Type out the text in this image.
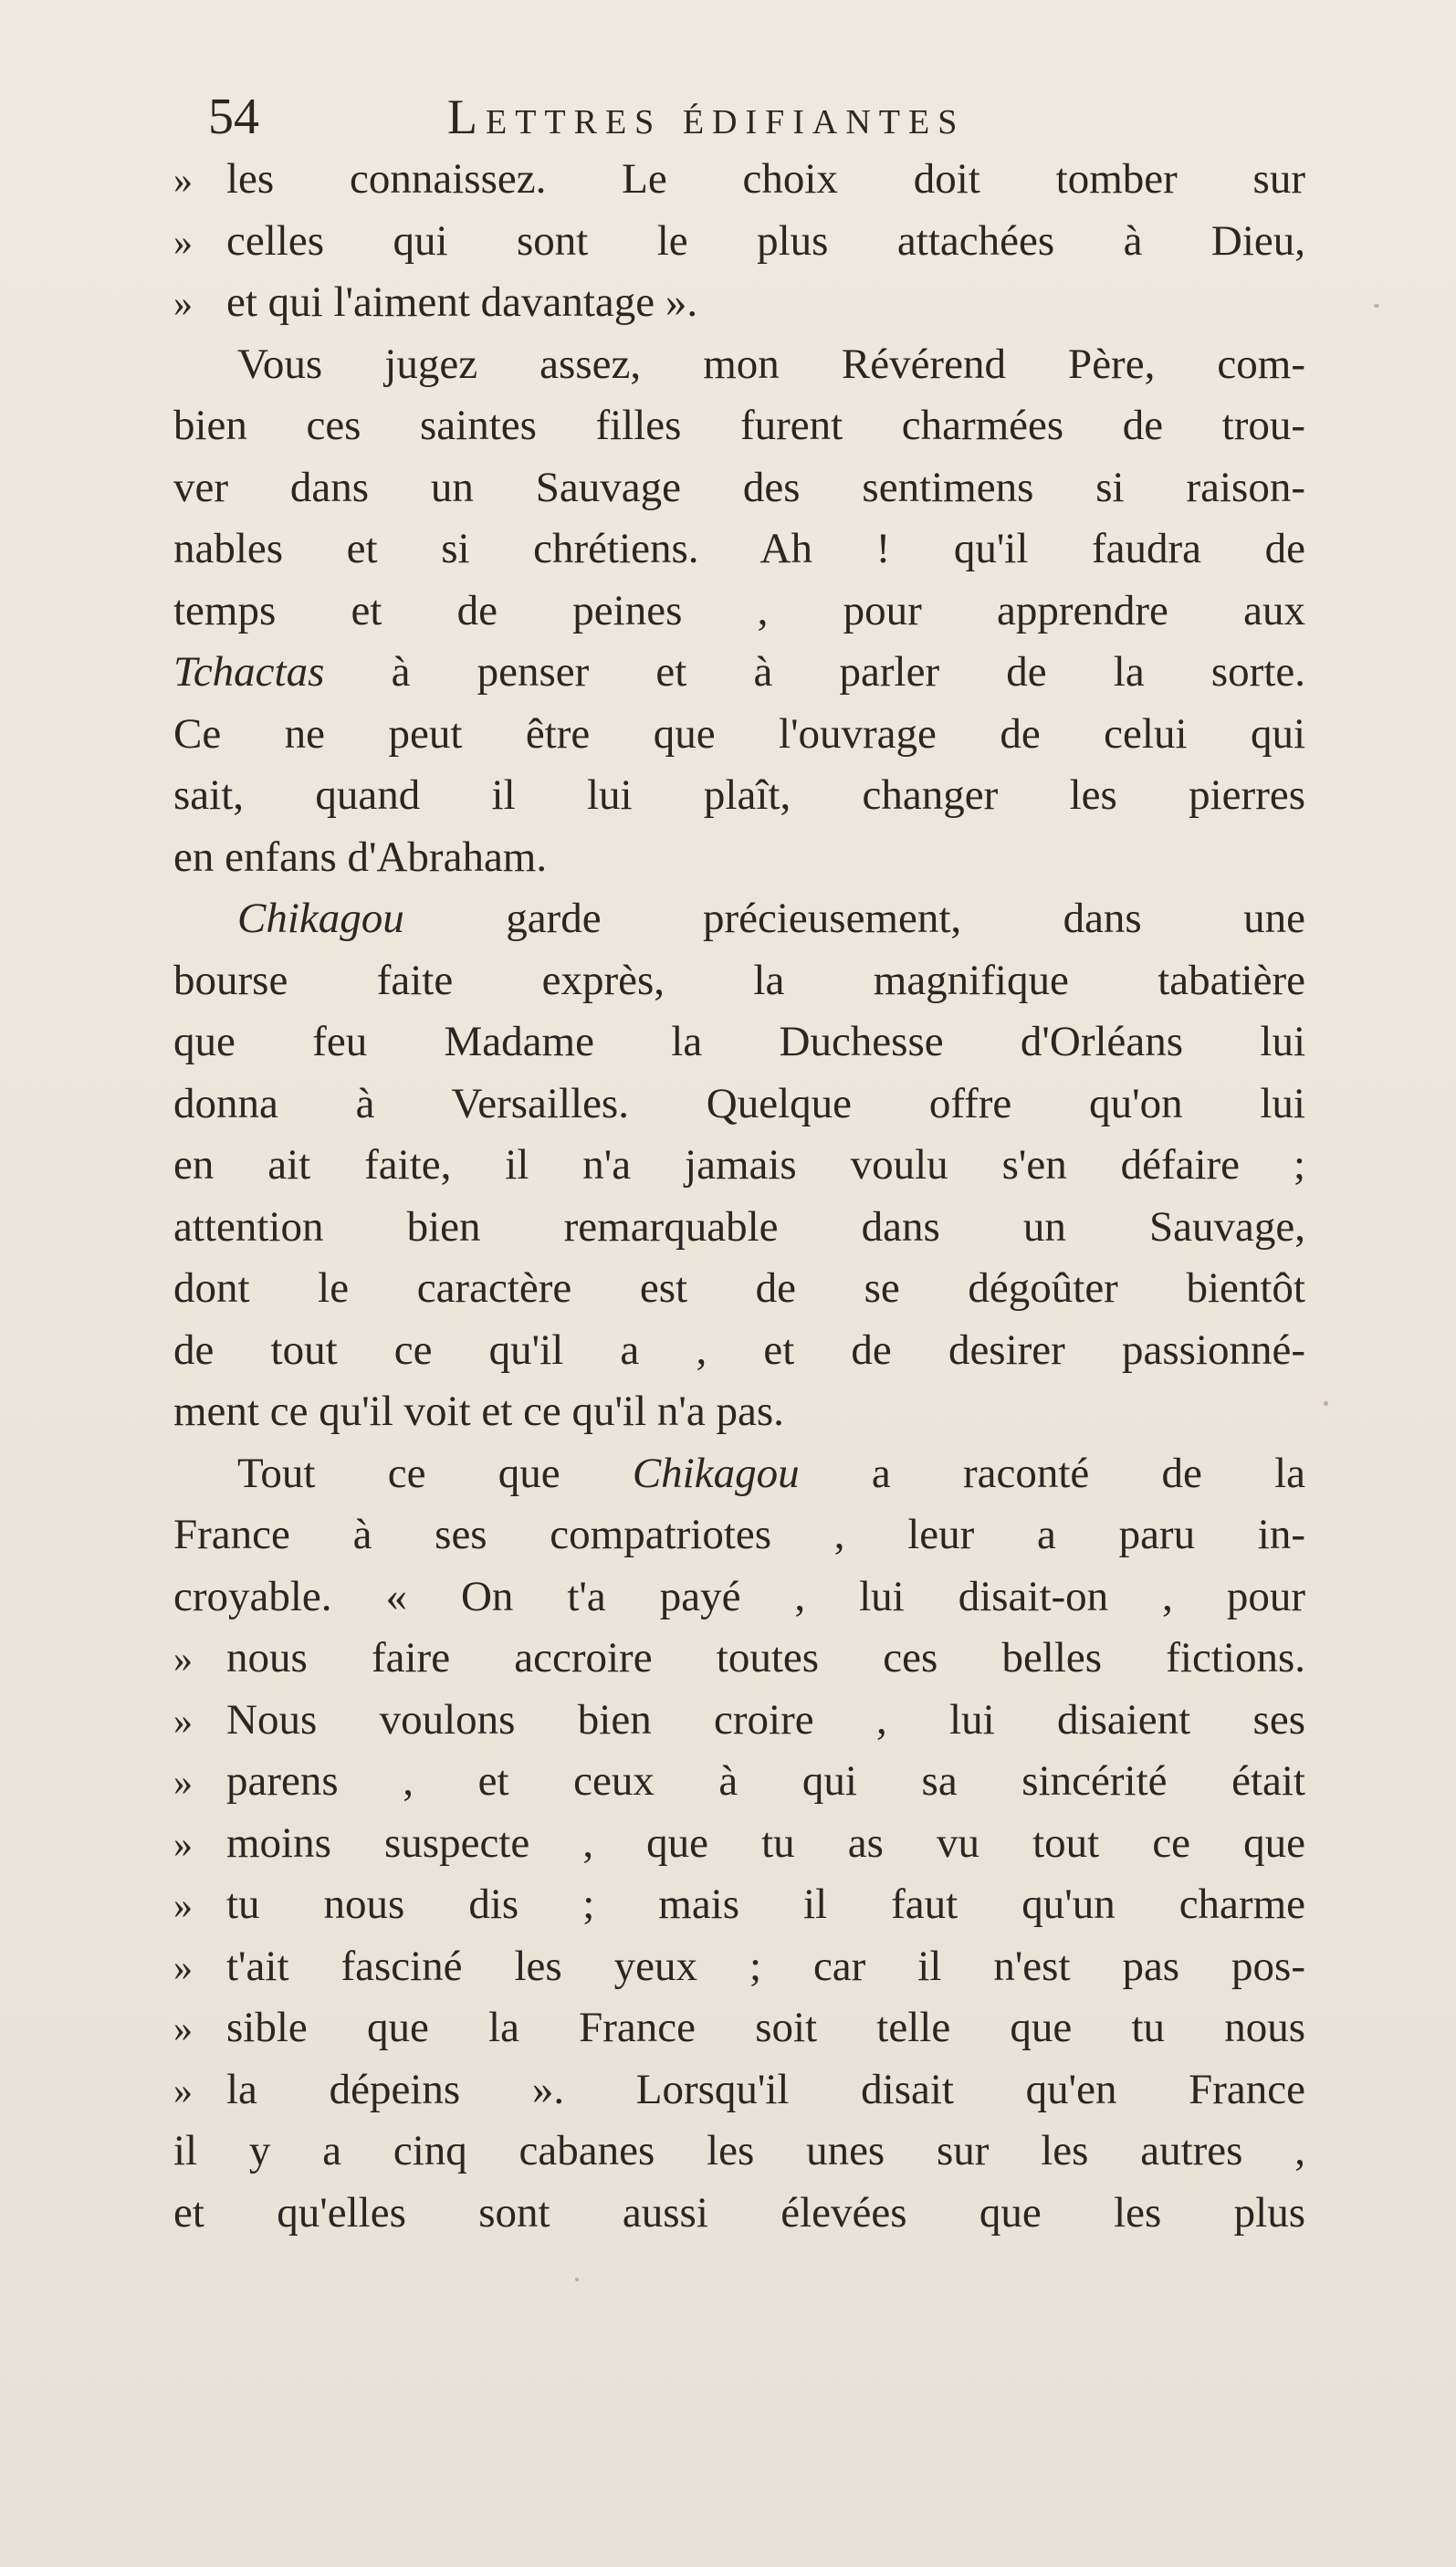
54	Lettres édifiantes
» les connaissez. Le choix doit tomber sur
» celles qui sont le plus attachées à Dieu,
» et qui l'aiment davantage ».
Vous jugez assez, mon Révérend Père, com-
bien ces saintes filles furent charmées de trou-
ver dans un Sauvage des sentimens si raison-
nables et si chrétiens. Ah ! qu'il faudra de
temps et de peines , pour apprendre aux
Tchactas à penser et à parler de la sorte.
Ce ne peut être que l'ouvrage de celui qui
sait, quand il lui plaît, changer les pierres
en enfans d'Abraham.
Chikagou garde précieusement, dans une
bourse faite exprès, la magnifique tabatière
que feu Madame la Duchesse d'Orléans lui
donna à Versailles. Quelque offre qu'on lui
en ait faite, il n'a jamais voulu s'en défaire ;
attention bien remarquable dans un Sauvage,
dont le caractère est de se dégoûter bientôt
de tout ce qu'il a , et de desirer passionné-
ment ce qu'il voit et ce qu'il n'a pas.
Tout ce que Chikagou a raconté de la
France à ses compatriotes , leur a paru in-
croyable. « On t'a payé , lui disait-on , pour
» nous faire accroire toutes ces belles fictions.
» Nous voulons bien croire , lui disaient ses
» parens , et ceux à qui sa sincérité était
» moins suspecte , que tu as vu tout ce que
» tu nous dis ; mais il faut qu'un charme
» t'ait fasciné les yeux ; car il n'est pas pos-
» sible que la France soit telle que tu nous
» la dépeins ». Lorsqu'il disait qu'en France
il y a cinq cabanes les unes sur les autres ,
et qu'elles sont aussi élevées que les plus
